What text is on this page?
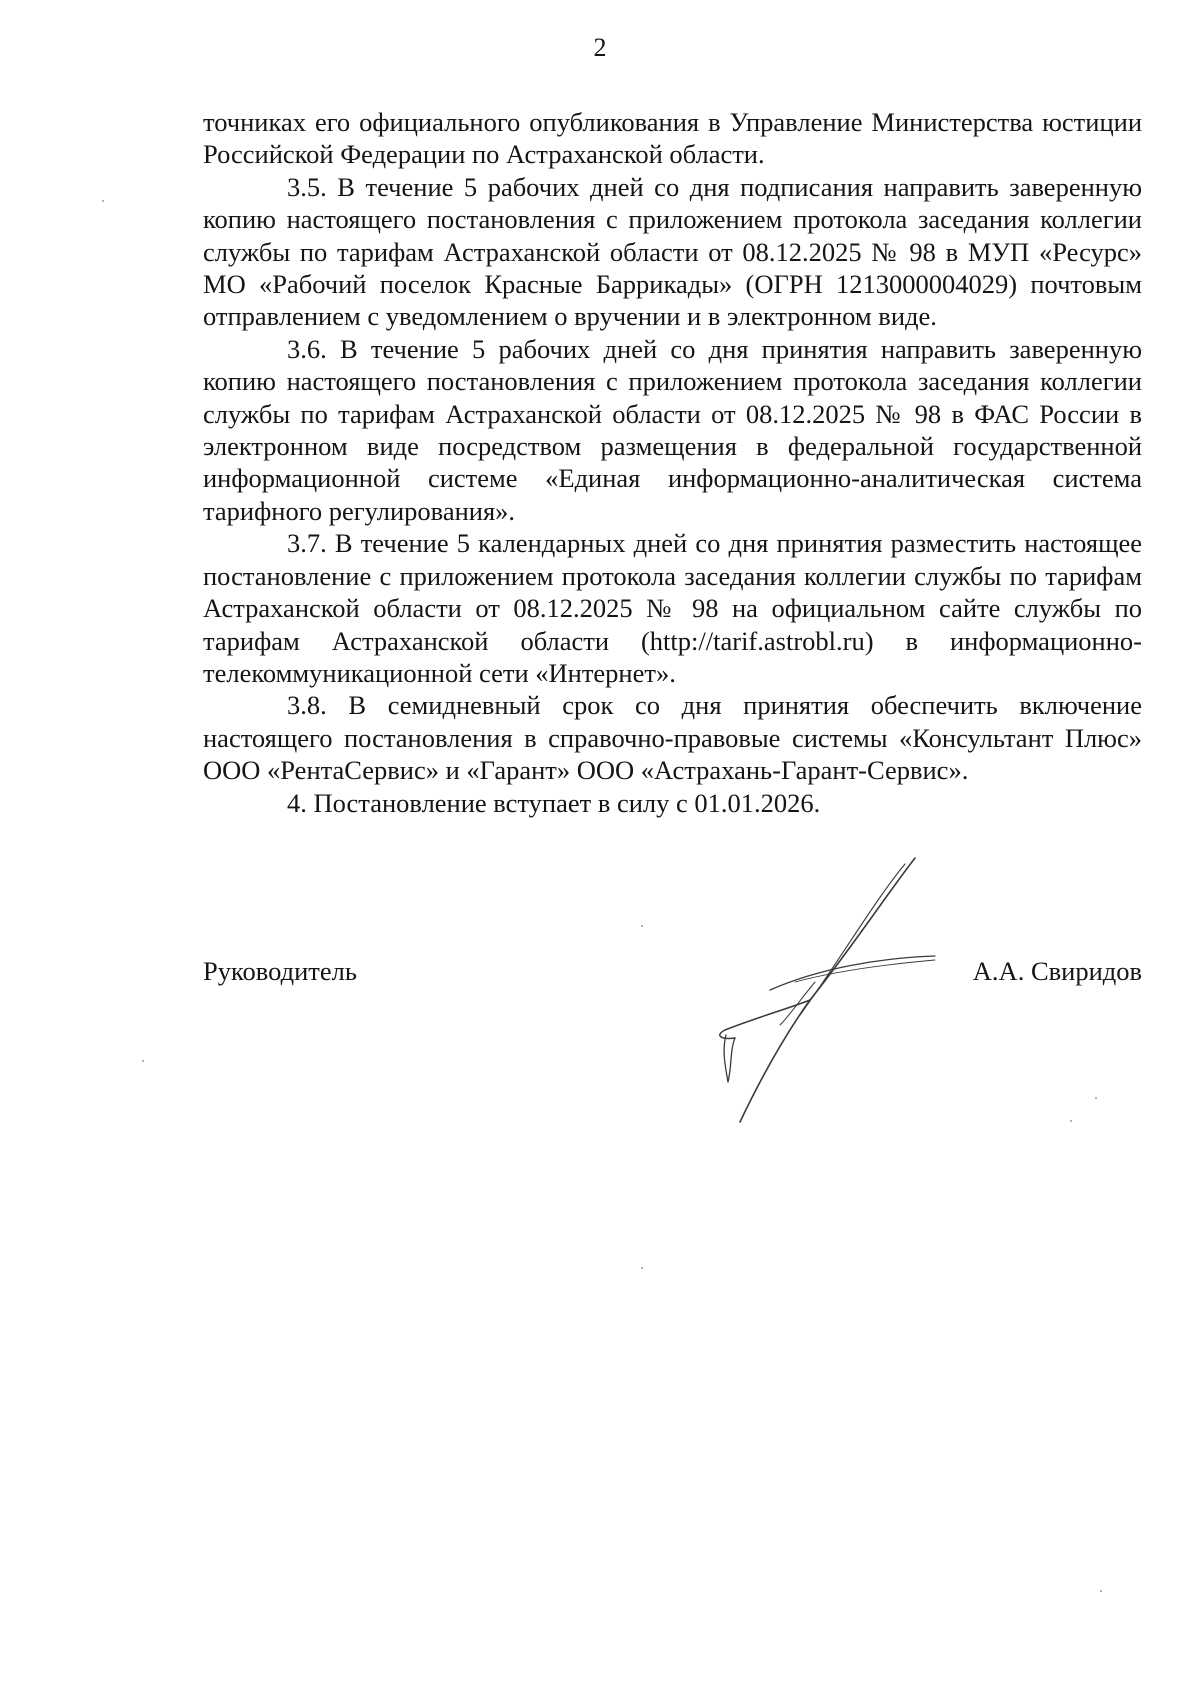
2

точниках его официального опубликования в Управление Министерства юстиции Российской Федерации по Астраханской области.

3.5. В течение 5 рабочих дней со дня подписания направить заверенную копию настоящего постановления с приложением протокола заседания коллегии службы по тарифам Астраханской области от 08.12.2025 № 98 в МУП «Ресурс» МО «Рабочий поселок Красные Баррикады» (ОГРН 1213000004029) почтовым отправлением с уведомлением о вручении и в электронном виде.

3.6. В течение 5 рабочих дней со дня принятия направить заверенную копию настоящего постановления с приложением протокола заседания коллегии службы по тарифам Астраханской области от 08.12.2025 № 98 в ФАС России в электронном виде посредством размещения в федеральной государственной информационной системе «Единая информационно-аналитическая система тарифного регулирования».

3.7. В течение 5 календарных дней со дня принятия разместить настоящее постановление с приложением протокола заседания коллегии службы по тарифам Астраханской области от 08.12.2025 № 98 на официальном сайте службы по тарифам Астраханской области (http://tarif.astrobl.ru) в информационно-телекоммуникационной сети «Интернет».

3.8. В семидневный срок со дня принятия обеспечить включение настоящего постановления в справочно-правовые системы «Консультант Плюс» ООО «РентаСервис» и «Гарант» ООО «Астрахань-Гарант-Сервис».

4. Постановление вступает в силу с 01.01.2026.

Руководитель	А.А. Свиридов
